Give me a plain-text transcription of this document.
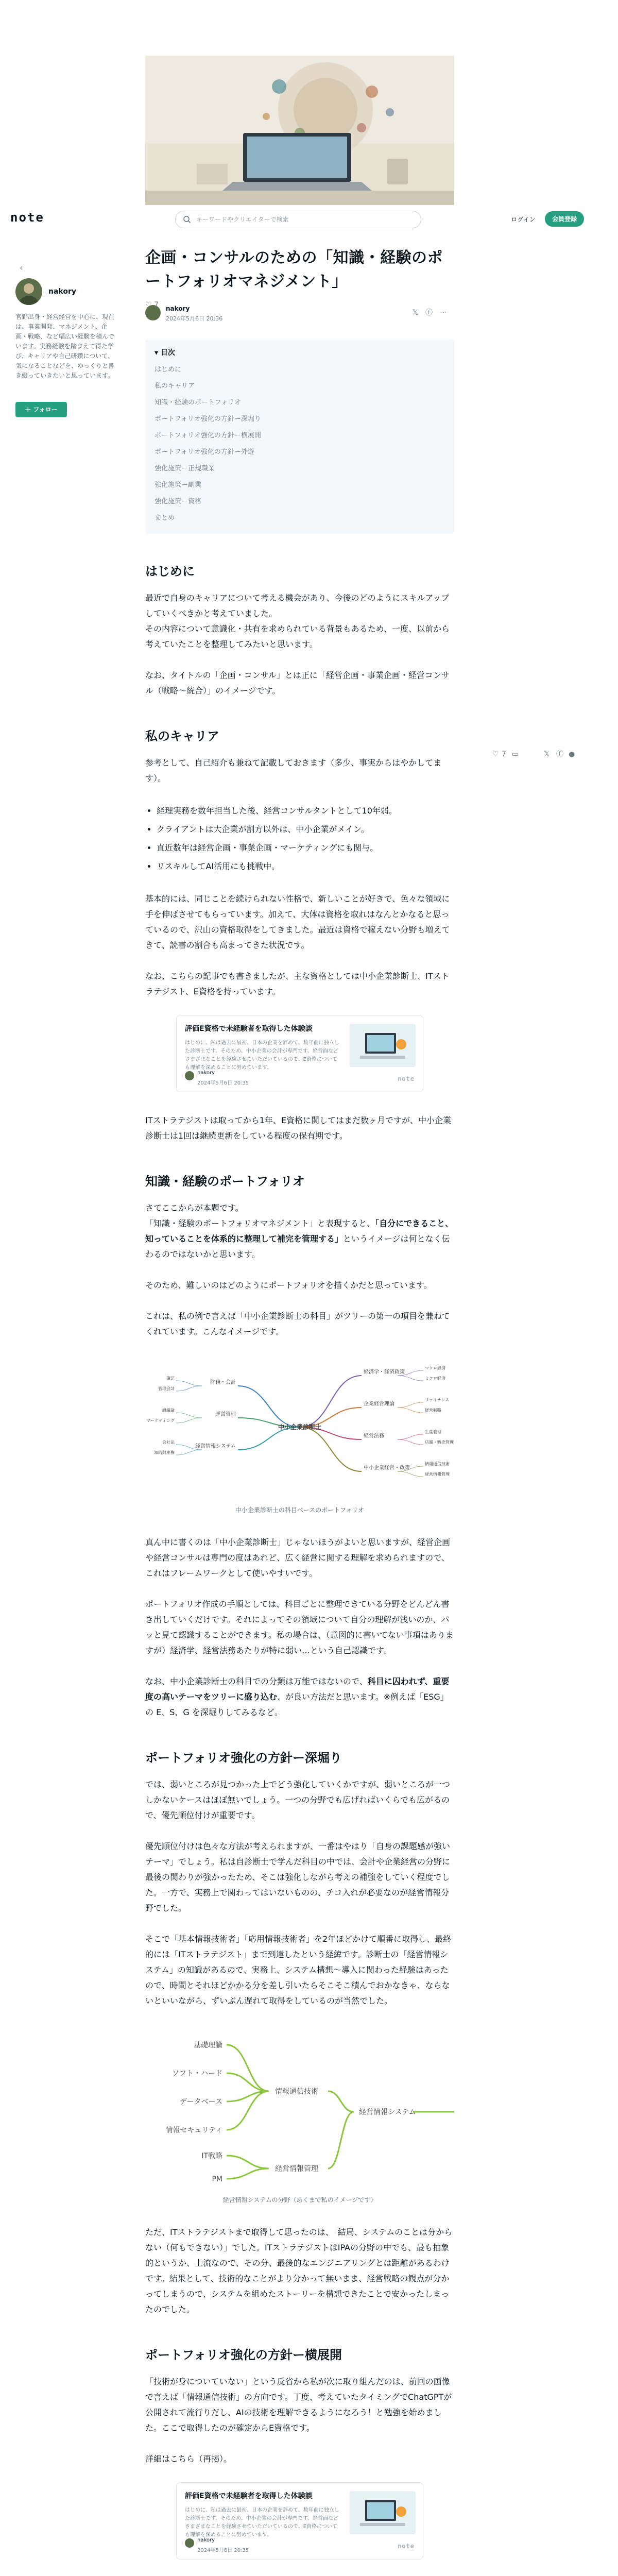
note
キーワードやクリエイターで検索	ログイン	会員登録
‹
nakory
官野出身・経営経営を中心に、現在は、事業開発、マネジメント、企画・戦略、など幅広い経験を積んでいます。実務経験を踏まえて得た学び、キャリアや自己研鑽について、気になることなどを、ゆっくりと書き綴っていきたいと思っています。
＋ フォロー
♡ 7 ▭	𝕏 ⓕ ●
企画・コンサルのための「知識・経験のポートフォリオマネジメント」
nakory
2024年5月6日 20:36
𝕏ⓕ⋯
▾ 目次
はじめに
私のキャリア
知識・経験のポートフォリオ
ポートフォリオ強化の方針ー深堀り
ポートフォリオ強化の方針ー横展開
ポートフォリオ強化の方針ー外遊
強化施策ー正規職業
強化施策ー副業
強化施策ー資格
まとめ
はじめに

最近で自身のキャリアについて考える機会があり、今後のどのようにスキルアップしていくべきかと考えていました。
その内容について意識化・共有を求められている背景もあるため、一度、以前から考えていたことを整理してみたいと思います。

なお、タイトルの「企画・コンサル」とは正に「経営企画・事業企画・経営コンサル（戦略〜統合）」のイメージです。

私のキャリア

参考として、自己紹介も兼ねて記載しておきます（多少、事実からはやかしてます）。

• 経理実務を数年担当した後、経営コンサルタントとして10年弱。
• クライアントは大企業が割方以外は、中小企業がメイン。
• 直近数年は経営企画・事業企画・マーケティングにも関与。
• リスキルしてAI活用にも挑戦中。

基本的には、同じことを続けられない性格で、新しいことが好きで、色々な領域に手を伸ばさせてもらっています。加えて、大体は資格を取れはなんとかなると思っているので、沢山の資格取得をしてきました。最近は資格で稼えない分野も増えてきて、読書の割合も高まってきた状況です。

なお、こちらの記事でも書きましたが、主な資格としては中小企業診断士、ITストラテジスト、E資格を持っています。

評価E資格で未経験者を取得した体験談
はじめに、私は過去に最初、日本の企業を辞めて、数年前に独立した診断士です。そのため、中小企業の会計が専門です。経営面などさまざまなことを経験させていただいているので、E資格についても理解を深めることに努めています。
nakory
2024年5月6日 20:35
note

ITストラテジストは取ってから1年、E資格に関してはまだ数ヶ月ですが、中小企業診断士は1回は継続更新をしている程度の保有期です。

知識・経験のポートフォリオ

さてここからが本題です。
「知識・経験のポートフォリオマネジメント」と表現すると、「自分にできること、知っていることを体系的に整理して補完を管理する」というイメージは何となく伝わるのではないかと思います。

そのため、難しいのはどのようにポートフォリオを描くかだと思っています。

これは、私の例で言えば「中小企業診断士の科目」がツリーの第一の項目を兼ねてくれています。こんなイメージです。

経済学・経済政策
マクロ経済
ミクロ経済
財務・会計
簿記
管理会計
企業経営理論
ファイナンス
経営戦略
運営管理
組織論
マーケティング
経営法務
生産管理
店舗・販売管理
経営情報システム
会社法
知的財産権
中小企業経営・政策
情報通信技術
経営情報管理
中小企業診断士
中小企業診断士の科目ベースのポートフォリオ

真ん中に書くのは「中小企業診断士」じゃないほうがよいと思いますが、経営企画や経営コンサルは専門の度はあれど、広く経営に関する理解を求められますので、これはフレームワークとして使いやすいです。

ポートフォリオ作成の手順としては、科目ごとに整理できている分野をどんどん書き出していくだけです。それによってその領域について自分の理解が浅いのか、パッと見て認識することができます。私の場合は、（意図的に書いてない事項はありますが）経済学、経営法務あたりが特に弱い…という自己認識です。

なお、中小企業診断士の科目での分類は万能ではないので、科目に囚われず、重要度の高いテーマをツリーに盛り込む、が良い方法だと思います。※例えば「ESG」の E、S、G を深堀りしてみるなど。

ポートフォリオ強化の方針ー深堀り

では、弱いところが見つかった上でどう強化していくかですが、弱いところが一つしかないケースはほぼ無いでしょう。一つの分野でも広げればいくらでも広がるので、優先順位付けが重要です。

優先順位付けは色々な方法が考えられますが、一番はやはり「自身の課題感が強いテーマ」でしょう。私は自診断士で学んだ科目の中では、会計や企業経営の分野に最後の関わりが強かったため、そこは強化しながら考えの補強をしていく程度でした。一方で、実務上で関わってはいないものの、チコ入れが必要なのが経営情報分野でした。

そこで「基本情報技術者」「応用情報技術者」を2年ほどかけて順番に取得し、最終的には「ITストラテジスト」まで到達したという経緯です。診断士の「経営情報システム」の知識があるので、実務上、システム構想〜導入に関わった経験はあったので、時間とそれほどかかる分を差し引いたらそこそこ積んでおかなきゃ、ならないといいながら、ずいぶん遅れて取得をしているのが当然でした。

基礎理論
ソフト・ハード
データベース
情報セキュリティ
IT戦略
PM
情報通信技術
経営情報管理
経営情報システム
経営情報システムの分野（あくまで私のイメージです）

ただ、ITストラテジストまで取得して思ったのは、「結局、システムのことは分からない（何もできない）」でした。ITストラテジストはIPAの分野の中でも、最も抽象的というか、上流なので、その分、最後的なエンジニアリングとは距離があるわけです。結果として、技術的なことがより分かって無いまま、経営戦略の観点が分かってしまうので、システムを組めたストーリーを構想できたことで安かったしまったのでした。

ポートフォリオ強化の方針ー横展開

「技術が身についていない」という反省から私が次に取り組んだのは、前回の画像で言えば「情報通信技術」の方向です。丁度、考えていたタイミングでChatGPTが公開されて流行りだし、AIの技術を理解できるようになろう！と勉強を始めました。ここで取得したのが確定からE資格です。

詳細はこちら（再掲）。

評価E資格で未経験者を取得した体験談
はじめに、私は過去に最初、日本の企業を辞めて、数年前に独立した診断士です。そのため、中小企業の会計が専門です。経営面などさまざまなことを経験させていただいているので、E資格についても理解を深めることに努めています。
nakory
2024年5月6日 20:35
note
♡ 7
